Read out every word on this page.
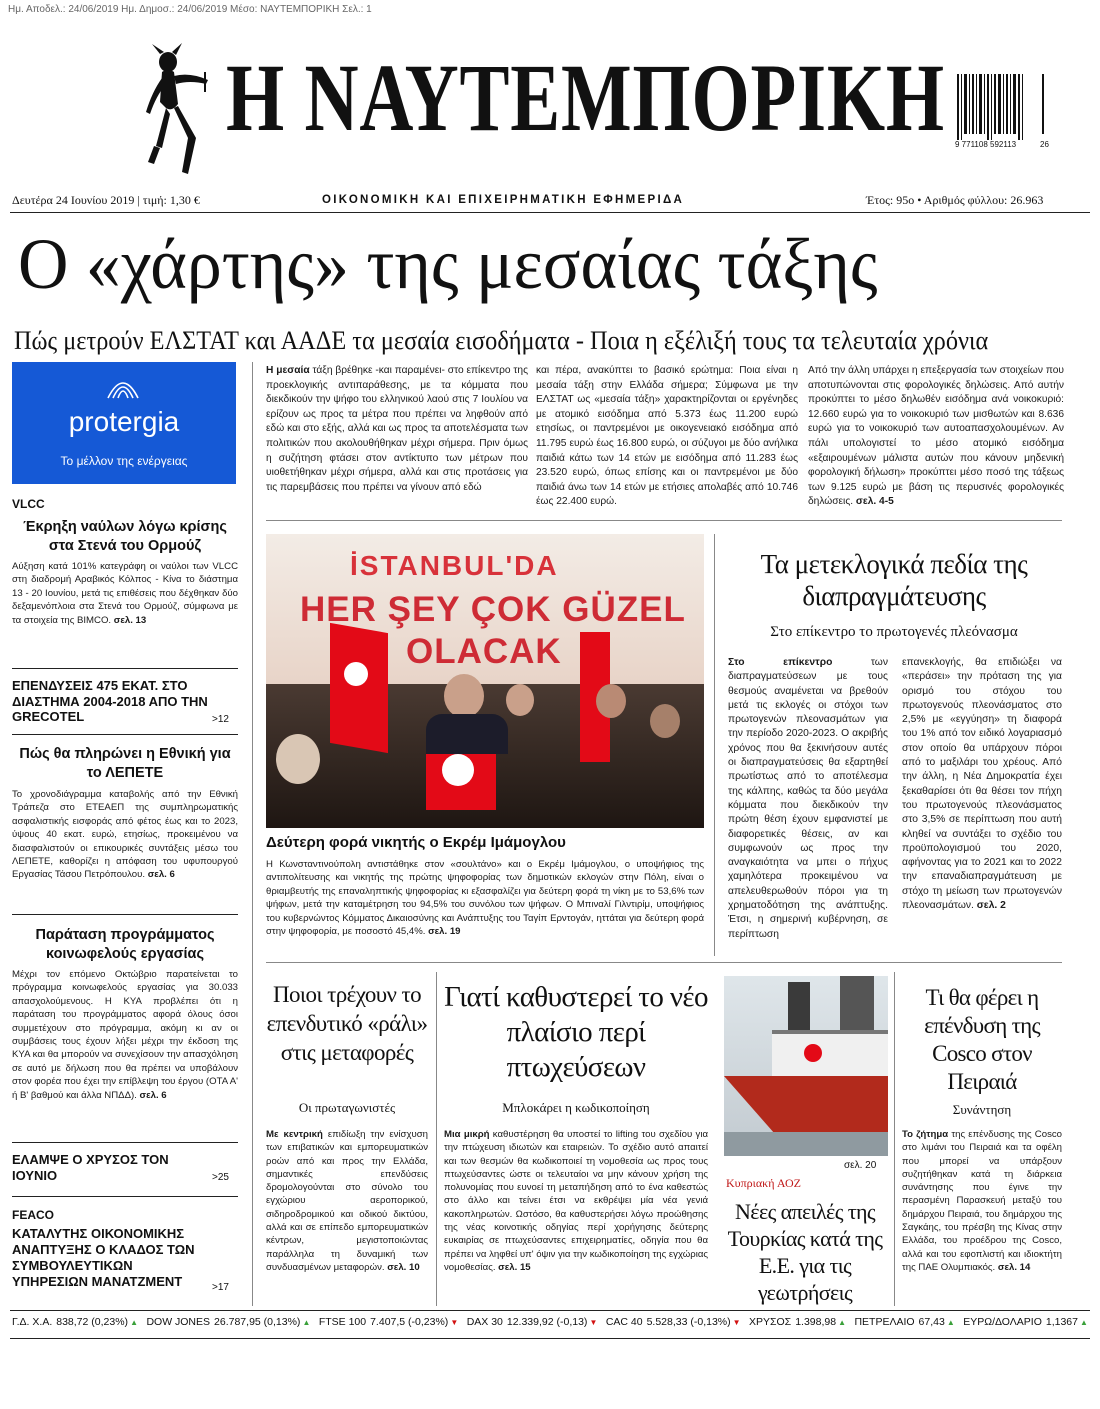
Ημ. Αποδελ.: 24/06/2019 Ημ. Δημοσ.: 24/06/2019 Μέσο: ΝΑΥΤΕΜΠΟΡΙΚΗ Σελ.: 1
Η ΝΑΥΤΕΜΠΟΡΙΚΗ 9 771108 592113	26
Δευτέρα 24 Ιουνίου 2019 | τιμή: 1,30 €	ΟΙΚΟΝΟΜΙΚΗ ΚΑΙ ΕΠΙΧΕΙΡΗΜΑΤΙΚΗ ΕΦΗΜΕΡΙΔΑ	Έτος: 95ο • Αριθμός φύλλου: 26.963
Ο «χάρτης» της μεσαίας τάξης
Πώς μετρούν ΕΛΣΤΑΤ και ΑΑΔΕ τα μεσαία εισοδήματα - Ποια η εξέλιξή τους τα τελευταία χρόνια
protergia
Το μέλλον της ενέργειας
Η μεσαία τάξη βρέθηκε -και παραμένει- στο επίκεντρο της προεκλογικής αντιπαράθεσης, με τα κόμματα που διεκδικούν την ψήφο του ελληνικού λαού στις 7 Ιουλίου να ερίζουν ως προς τα μέτρα που πρέπει να ληφθούν από εδώ και στο εξής, αλλά και ως προς τα αποτελέσματα των πολιτικών που ακολουθήθηκαν μέχρι σήμερα. Πριν όμως η συζήτηση φτάσει στον αντίκτυπο των μέτρων που υιοθετήθηκαν μέχρι σήμερα, αλλά και στις προτάσεις για τις παρεμβάσεις που πρέπει να γίνουν από εδώ
και πέρα, ανακύπτει το βασικό ερώτημα: Ποια είναι η μεσαία τάξη στην Ελλάδα σήμερα; Σύμφωνα με την ΕΛΣΤΑΤ ως «μεσαία τάξη» χαρακτηρίζονται οι εργένηδες με ατομικό εισόδημα από 5.373 έως 11.200 ευρώ ετησίως, οι παντρεμένοι με οικογενειακό εισόδημα από 11.795 ευρώ έως 16.800 ευρώ, οι σύζυγοι με δύο ανήλικα παιδιά κάτω των 14 ετών με εισόδημα από 11.283 έως 23.520 ευρώ, όπως επίσης και οι παντρεμένοι με δύο παιδιά άνω των 14 ετών με ετήσιες απολαβές από 10.746 έως 22.400 ευρώ.
Από την άλλη υπάρχει η επεξεργασία των στοιχείων που αποτυπώνονται στις φορολογικές δηλώσεις. Από αυτήν προκύπτει το μέσο δηλωθέν εισόδημα ανά νοικοκυριό: 12.660 ευρώ για το νοικοκυριό των μισθωτών και 8.636 ευρώ για το νοικοκυριό των αυτοαπασχολουμένων. Αν πάλι υπολογιστεί το μέσο ατομικό εισόδημα «εξαιρουμένων μάλιστα αυτών που κάνουν μηδενική φορολογική δήλωση» προκύπτει μέσο ποσό της τάξεως των 9.125 ευρώ με βάση τις περυσινές φορολογικές δηλώσεις. σελ. 4-5
VLCC
Έκρηξη ναύλων λόγω κρίσης στα Στενά του Ορμούζ
Αύξηση κατά 101% κατεγράφη οι ναύλοι των VLCC στη διαδρομή Αραβικός Κόλπος - Κίνα το διάστημα 13 - 20 Ιουνίου, μετά τις επιθέσεις που δέχθηκαν δύο δεξαμενόπλοια στα Στενά του Ορμούζ, σύμφωνα με τα στοιχεία της BIMCO. σελ. 13
ΕΠΕΝΔΥΣΕΙΣ 475 ΕΚΑΤ. ΣΤΟ ΔΙΑΣΤΗΜΑ 2004-2018 ΑΠΟ ΤΗΝ GRECOTEL	>12
Πώς θα πληρώνει η Εθνική για το ΛΕΠΕΤΕ
Το χρονοδιάγραμμα καταβολής από την Εθνική Τράπεζα στο ΕΤΕΑΕΠ της συμπληρωματικής ασφαλιστικής εισφοράς από φέτος έως και το 2023, ύψους 40 εκατ. ευρώ, ετησίως, προκειμένου να διασφαλιστούν οι επικουρικές συντάξεις μέσω του ΛΕΠΕΤΕ, καθορίζει η απόφαση του υφυπουργού Εργασίας Τάσου Πετρόπουλου. σελ. 6
Παράταση προγράμματος κοινωφελούς εργασίας
Μέχρι τον επόμενο Οκτώβριο παρατείνεται το πρόγραμμα κοινωφελούς εργασίας για 30.033 απασχολούμενους. Η ΚΥΑ προβλέπει ότι η παράταση του προγράμματος αφορά όλους όσοι συμμετέχουν στο πρόγραμμα, ακόμη κι αν οι συμβάσεις τους έχουν λήξει μέχρι την έκδοση της ΚΥΑ και θα μπορούν να συνεχίσουν την απασχόληση σε αυτό με δήλωση που θα πρέπει να υποβάλουν στον φορέα που έχει την επίβλεψη του έργου (ΟΤΑ Α' ή Β' βαθμού και άλλα ΝΠΔΔ). σελ. 6
ΕΛΑΜΨΕ Ο ΧΡΥΣΟΣ ΤΟΝ ΙΟΥΝΙΟ	>25
FEACO
ΚΑΤΑΛΥΤΗΣ ΟΙΚΟΝΟΜΙΚΗΣ ΑΝΑΠΤΥΞΗΣ Ο ΚΛΑΔΟΣ ΤΩΝ ΣΥΜΒΟΥΛΕΥΤΙΚΩΝ ΥΠΗΡΕΣΙΩΝ ΜΑΝΑΤΖΜΕΝΤ	>17
İSTANBUL'DA
HER ŞEY ÇOK GÜZEL
OLACAK
Δεύτερη φορά νικητής ο Εκρέμ Ιμάμογλου
Η Κωνσταντινούπολη αντιστάθηκε στον «σουλτάνο» και ο Εκρέμ Ιμάμογλου, ο υποψήφιος της αντιπολίτευσης και νικητής της πρώτης ψηφοφορίας των δημοτικών εκλογών στην Πόλη, είναι ο θριαμβευτής της επαναληπτικής ψηφοφορίας κι εξασφαλίζει για δεύτερη φορά τη νίκη με το 53,6% των ψήφων, μετά την καταμέτρηση του 94,5% του συνόλου των ψήφων. Ο Μπιναλί Γιλντιρίμ, υποψήφιος του κυβερνώντος Κόμματος Δικαιοσύνης και Ανάπτυξης του Ταγίπ Ερντογάν, ηττάται για δεύτερη φορά στην ψηφοφορία, με ποσοστό 45,4%. σελ. 19
Τα μετεκλογικά πεδία της διαπραγμάτευσης
Στο επίκεντρο το πρωτογενές πλεόνασμα
Στο επίκεντρο των διαπραγματεύσεων με τους θεσμούς αναμένεται να βρεθούν μετά τις εκλογές οι στόχοι των πρωτογενών πλεονασμάτων για την περίοδο 2020-2023. Ο ακριβής χρόνος που θα ξεκινήσουν αυτές οι διαπραγματεύσεις θα εξαρτηθεί πρωτίστως από το αποτέλεσμα της κάλπης, καθώς τα δύο μεγάλα κόμματα που διεκδικούν την πρώτη θέση έχουν εμφανιστεί με διαφορετικές θέσεις, αν και συμφωνούν ως προς την αναγκαιότητα να μπει ο πήχυς χαμηλότερα προκειμένου να απελευθερωθούν πόροι για τη χρηματοδότηση της ανάπτυξης. Έτσι, η σημερινή κυβέρνηση, σε περίπτωση
επανεκλογής, θα επιδιώξει να «περάσει» την πρόταση της για ορισμό του στόχου του πρωτογενούς πλεονάσματος στο 2,5% με «εγγύηση» τη διαφορά του 1% από τον ειδικό λογαριασμό στον οποίο θα υπάρχουν πόροι από το μαξιλάρι του χρέους. Από την άλλη, η Νέα Δημοκρατία έχει ξεκαθαρίσει ότι θα θέσει τον πήχη του πρωτογενούς πλεονάσματος στο 3,5% σε περίπτωση που αυτή κληθεί να συντάξει το σχέδιο του προϋπολογισμού του 2020, αφήνοντας για το 2021 και το 2022 την επαναδιαπραγμάτευση με στόχο τη μείωση των πρωτογενών πλεονασμάτων. σελ. 2
Ποιοι τρέχουν το επενδυτικό «ράλι» στις μεταφορές
Οι πρωταγωνιστές
Με κεντρική επιδίωξη την ενίσχυση των επιβατικών και εμπορευματικών ροών από και προς την Ελλάδα, σημαντικές επενδύσεις δρομολογούνται στο σύνολο του εγχώριου αεροπορικού, σιδηροδρομικού και οδικού δικτύου, αλλά και σε επίπεδο εμπορευματικών κέντρων, μεγιστοποιώντας παράλληλα τη δυναμική των συνδυασμένων μεταφορών. σελ. 10
Γιατί καθυστερεί το νέο πλαίσιο περί πτωχεύσεων
Μπλοκάρει η κωδικοποίηση
Μια μικρή καθυστέρηση θα υποστεί το lifting του σχεδίου για την πτώχευση ιδιωτών και εταιρειών. Το σχέδιο αυτό απαιτεί και των θεσμών θα κωδικοποιεί τη νομοθεσία ως προς τους πτωχεύσαντες ώστε οι τελευταίοι να μην κάνουν χρήση της πολυνομίας που ευνοεί τη μεταπήδηση από το ένα καθεστώς στο άλλο και τείνει έτσι να εκθρέψει μία νέα γενιά κακοπληρωτών. Ωστόσο, θα καθυστερήσει λόγω προώθησης της νέας κοινοτικής οδηγίας περί χορήγησης δεύτερης ευκαιρίας σε πτωχεύσαντες επιχειρηματίες, οδηγία που θα πρέπει να ληφθεί υπ' όψιν για την κωδικοποίηση της εγχώριας νομοθεσίας. σελ. 15
σελ. 20
Κυπριακή ΑΟΖ
Νέες απειλές της Τουρκίας κατά της Ε.Ε. για τις γεωτρήσεις
Τι θα φέρει η επένδυση της Cosco στον Πειραιά
Συνάντηση
Το ζήτημα της επένδυσης της Cosco στο λιμάνι του Πειραιά και τα οφέλη που μπορεί να υπάρξουν συζητήθηκαν κατά τη διάρκεια συνάντησης που έγινε την περασμένη Παρασκευή μεταξύ του δημάρχου Πειραιά, του δημάρχου της Σαγκάης, του πρέσβη της Κίνας στην Ελλάδα, του προέδρου της Cosco, αλλά και του εφοπλιστή και ιδιοκτήτη της ΠΑΕ Ολυμπιακός. σελ. 14
Γ.Δ. Χ.Α. 838,72 (0,23%) ▲ DOW JONES 26.787,95 (0,13%) ▲ FTSE 100 7.407,5 (-0,23%) ▼ DAX 30 12.339,92 (-0,13) ▼ CAC 40 5.528,33 (-0,13%) ▼ ΧΡΥΣΟΣ 1.398,98 ▲ ΠΕΤΡΕΛΑΙΟ 67,43 ▲ ΕΥΡΩ/ΔΟΛΑΡΙΟ 1,1367 ▲
